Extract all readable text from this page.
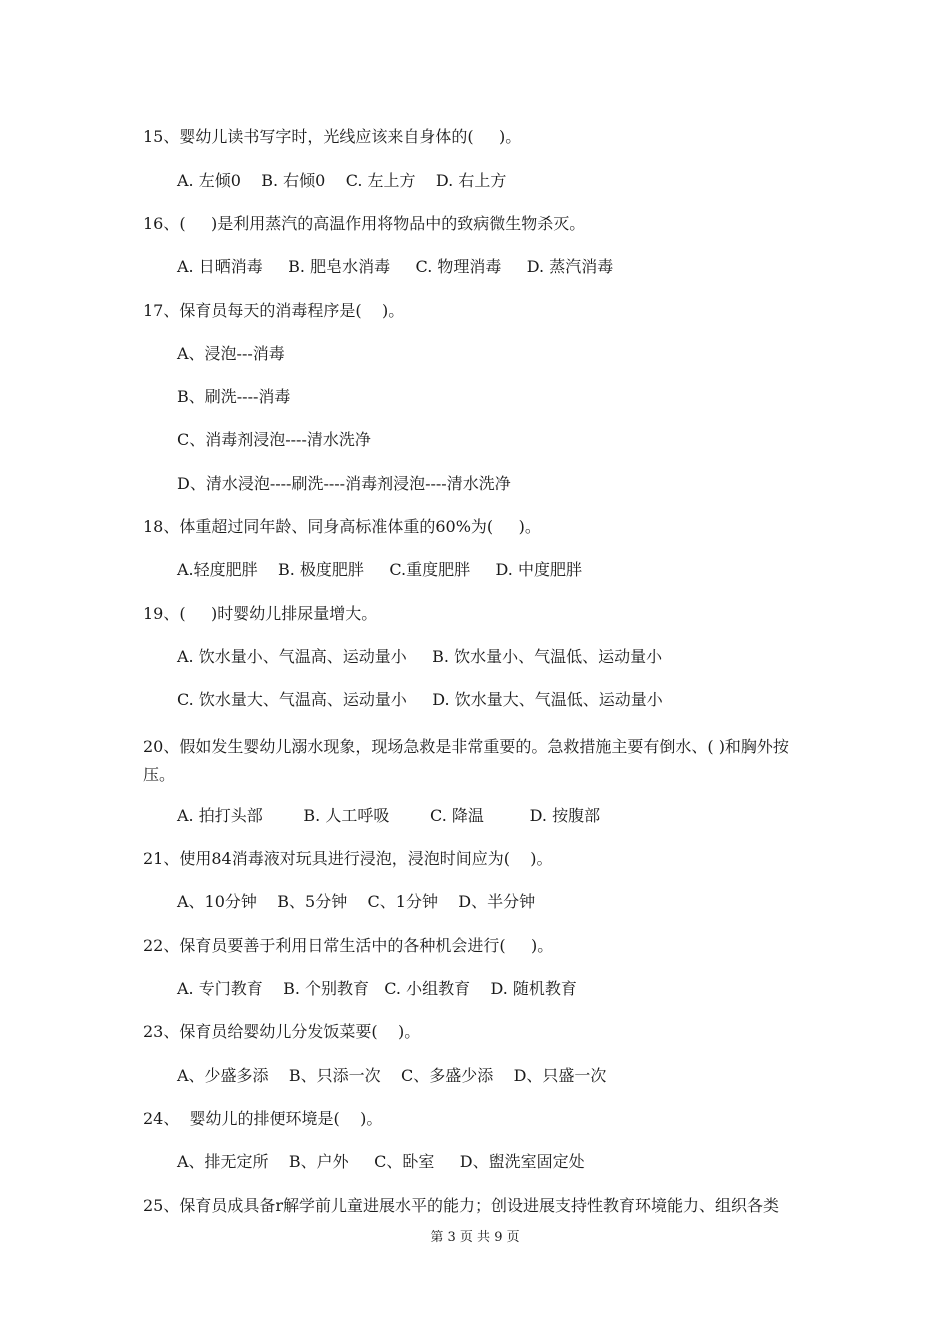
15、婴幼儿读书写字时，光线应该来自身体的(     )。
A. 左倾0    B. 右倾0    C. 左上方    D. 右上方
16、(     )是利用蒸汽的高温作用将物品中的致病微生物杀灭。
A. 日晒消毒     B. 肥皂水消毒     C. 物理消毒     D. 蒸汽消毒
17、保育员每天的消毒程序是(    )。
A、浸泡---消毒
B、刷洗----消毒
C、消毒剂浸泡----清水洗净
D、清水浸泡----刷洗----消毒剂浸泡----清水洗净
18、体重超过同年龄、同身高标准体重的60%为(     )。
A.轻度肥胖    B. 极度肥胖     C.重度肥胖     D. 中度肥胖
19、(     )时婴幼儿排尿量增大。
A. 饮水量小、气温高、运动量小     B. 饮水量小、气温低、运动量小
C. 饮水量大、气温高、运动量小     D. 饮水量大、气温低、运动量小
20、假如发生婴幼儿溺水现象，现场急救是非常重要的。急救措施主要有倒水、( )和胸外按压。
A. 拍打头部        B. 人工呼吸        C. 降温         D. 按腹部
21、使用84消毒液对玩具进行浸泡，浸泡时间应为(    )。
A、10分钟    B、5分钟    C、1分钟    D、半分钟
22、保育员要善于利用日常生活中的各种机会进行(     )。
A. 专门教育    B. 个别教育   C. 小组教育    D. 随机教育
23、保育员给婴幼儿分发饭菜要(    )。
A、少盛多添    B、只添一次    C、多盛少添    D、只盛一次
24、  婴幼儿的排便环境是(    )。
A、排无定所    B、户外     C、卧室     D、盥洗室固定处
25、保育员成具备r解学前儿童进展水平的能力；创设进展支持性教育环境能力、组织各类
第 3 页 共 9 页
